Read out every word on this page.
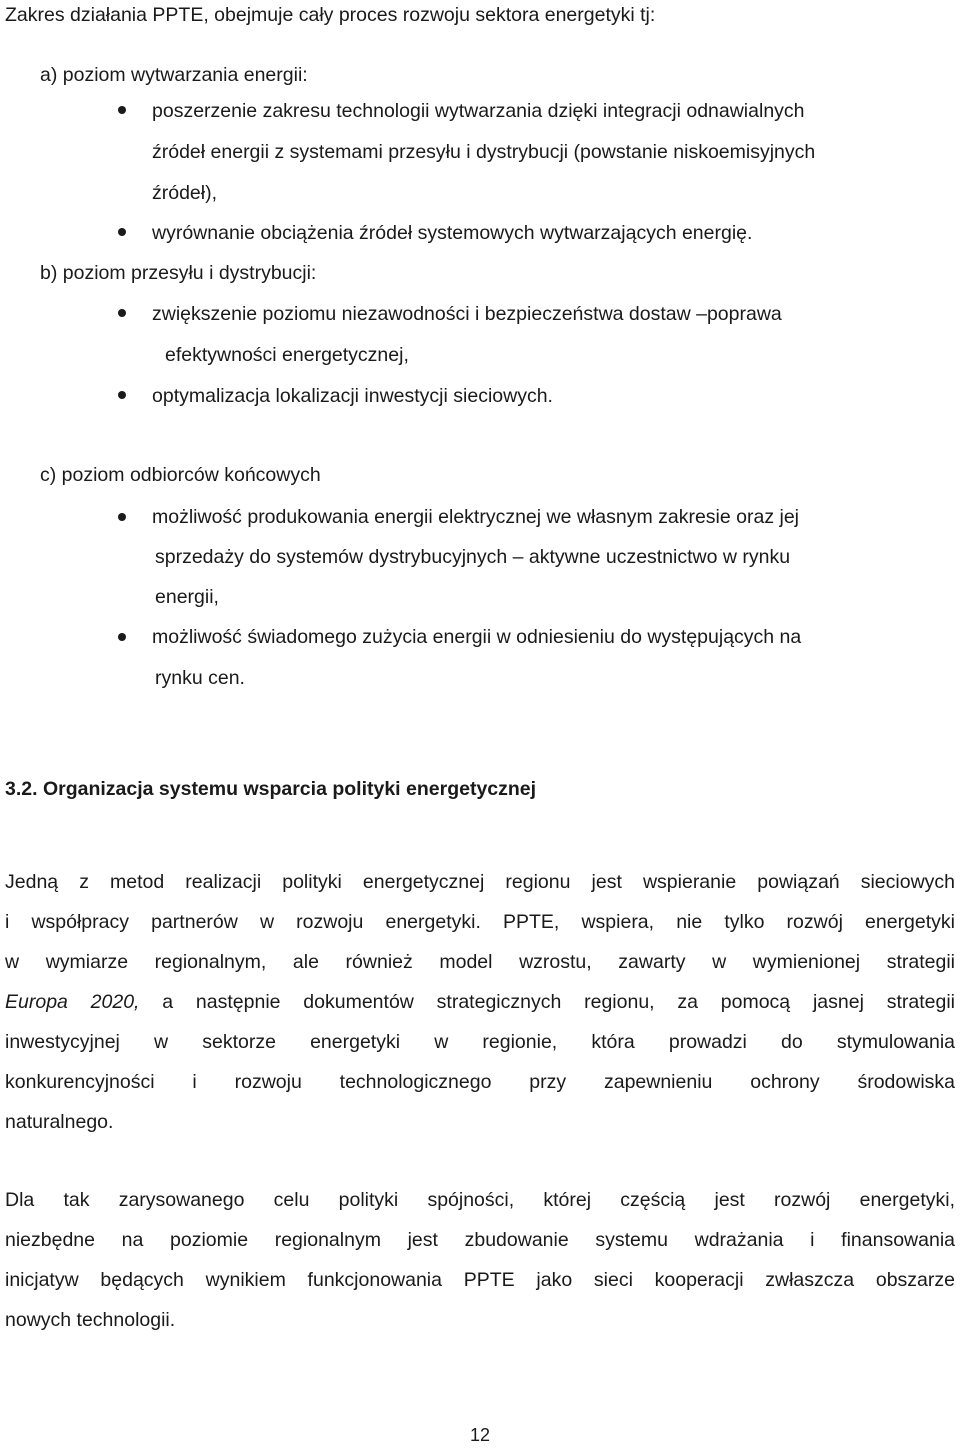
Zakres działania PPTE, obejmuje cały proces rozwoju sektora energetyki tj:
a) poziom wytwarzania energii:
poszerzenie zakresu technologii wytwarzania dzięki integracji odnawialnych
źródeł energii z systemami przesyłu i dystrybucji (powstanie niskoemisyjnych
źródeł),
wyrównanie obciążenia źródeł systemowych wytwarzających energię.
b) poziom przesyłu i dystrybucji:
zwiększenie poziomu niezawodności i bezpieczeństwa dostaw –poprawa
efektywności energetycznej,
optymalizacja lokalizacji inwestycji sieciowych.
c) poziom odbiorców końcowych
możliwość produkowania energii elektrycznej we własnym zakresie oraz jej
sprzedaży do systemów dystrybucyjnych – aktywne uczestnictwo w rynku
energii,
możliwość świadomego zużycia energii w odniesieniu do występujących na
rynku cen.
3.2. Organizacja systemu wsparcia polityki energetycznej
Jedną z metod realizacji polityki energetycznej regionu jest wspieranie powiązań sieciowych
i współpracy partnerów w rozwoju energetyki. PPTE, wspiera, nie tylko rozwój energetyki
w wymiarze regionalnym, ale również model wzrostu, zawarty w wymienionej strategii
Europa 2020, a następnie dokumentów strategicznych regionu, za pomocą jasnej strategii
inwestycyjnej w sektorze energetyki w regionie, która prowadzi do stymulowania
konkurencyjności i rozwoju technologicznego przy zapewnieniu ochrony środowiska
naturalnego.
Dla tak zarysowanego celu polityki spójności, której częścią jest rozwój energetyki,
niezbędne na poziomie regionalnym jest zbudowanie systemu wdrażania i finansowania
inicjatyw będących wynikiem funkcjonowania PPTE jako sieci kooperacji zwłaszcza obszarze
nowych technologii.
12
